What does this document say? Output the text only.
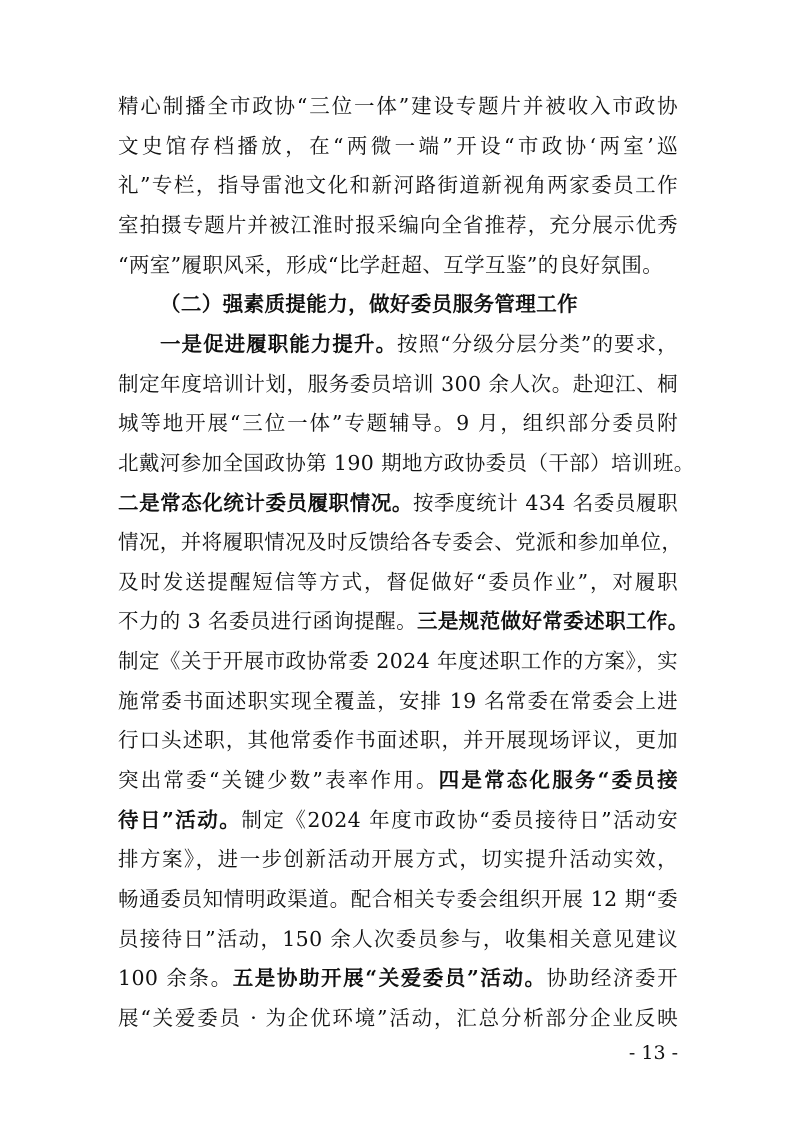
精心制播全市政协“三位一体”建设专题片并被收入市政协
文史馆存档播放，在“两微一端”开设“市政协‘两室’巡
礼”专栏，指导雷池文化和新河路街道新视角两家委员工作
室拍摄专题片并被江淮时报采编向全省推荐，充分展示优秀
“两室”履职风采，形成“比学赶超、互学互鉴”的良好氛围。
（二）强素质提能力，做好委员服务管理工作
一是促进履职能力提升。按照“分级分层分类”的要求，
制定年度培训计划，服务委员培训 300 余人次。赴迎江、桐
城等地开展“三位一体”专题辅导。9 月，组织部分委员附
北戴河参加全国政协第 190 期地方政协委员（干部）培训班。
二是常态化统计委员履职情况。按季度统计 434 名委员履职
情况，并将履职情况及时反馈给各专委会、党派和参加单位，
及时发送提醒短信等方式，督促做好“委员作业”，对履职
不力的 3 名委员进行函询提醒。三是规范做好常委述职工作。
制定《关于开展市政协常委 2024 年度述职工作的方案》，实
施常委书面述职实现全覆盖，安排 19 名常委在常委会上进
行口头述职，其他常委作书面述职，并开展现场评议，更加
突出常委“关键少数”表率作用。四是常态化服务“委员接
待日”活动。制定《2024 年度市政协“委员接待日”活动安
排方案》，进一步创新活动开展方式，切实提升活动实效，
畅通委员知情明政渠道。配合相关专委会组织开展 12 期“委
员接待日”活动，150 余人次委员参与，收集相关意见建议
100 余条。五是协助开展“关爱委员”活动。协助经济委开
展“关爱委员 · 为企优环境”活动，汇总分析部分企业反映
- 13 -
